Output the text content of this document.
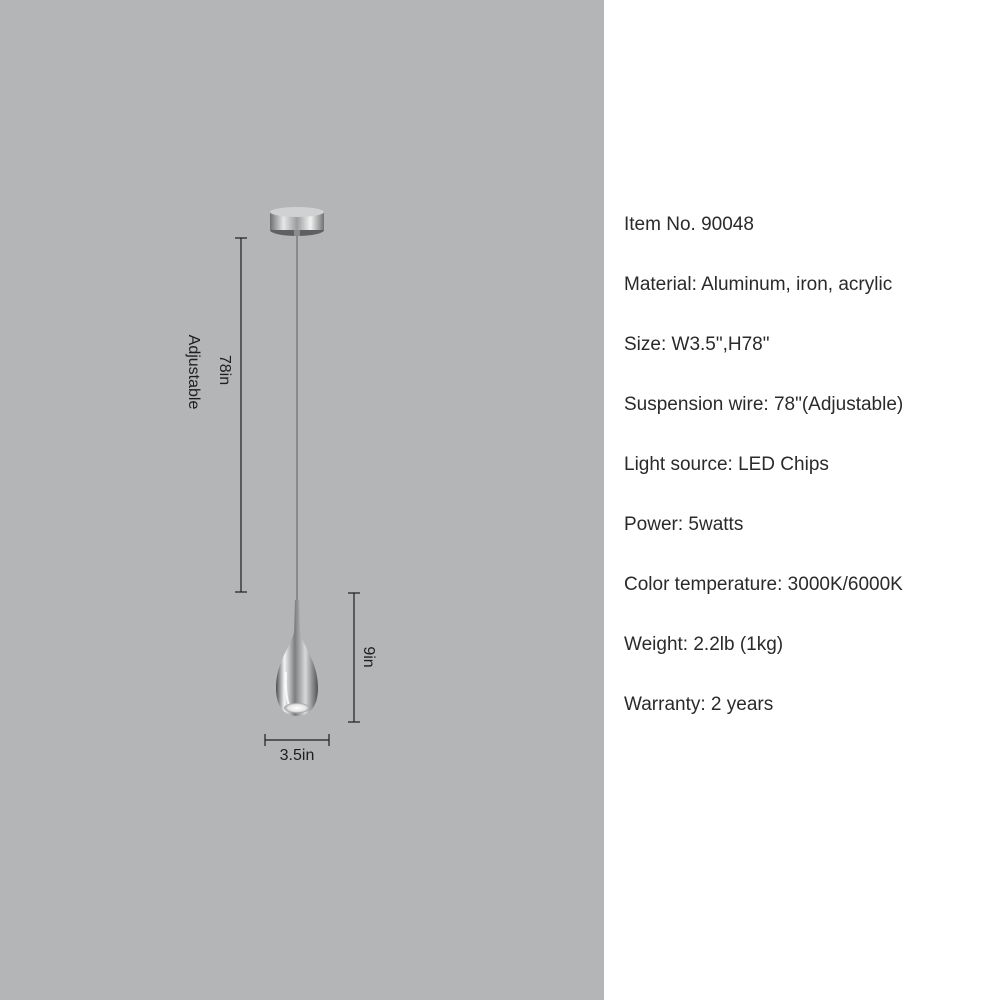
78in
Adjustable
9in
3.5in
Item No. 90048
Material: Aluminum, iron, acrylic
Size: W3.5",H78"
Suspension wire: 78"(Adjustable)
Light source: LED Chips
Power: 5watts
Color temperature: 3000K/6000K
Weight: 2.2lb (1kg)
Warranty: 2 years
